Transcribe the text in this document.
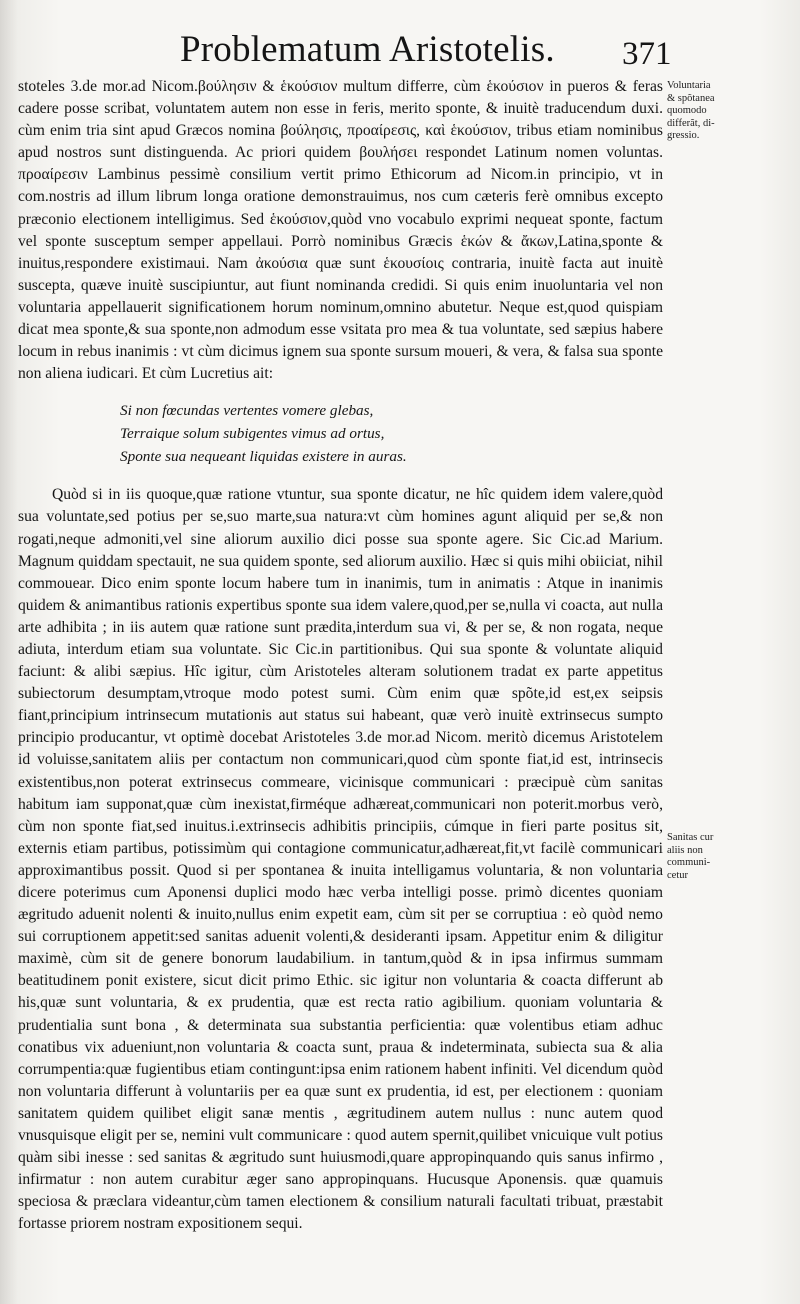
Problematum Aristotelis. 371

stoteles 3.de mor.ad Nicom.βούλησιν & ἑκούσιον multum differre, cùm ἑκούσιον in pueros & feras cadere posse scribat, voluntatem autem non esse in feris, merito sponte, & inuitè traducendum duxi. cùm enim tria sint apud Græcos nomina βούλησις, προαίρεσις, καὶ ἑκούσιον, tribus etiam nominibus apud nostros sunt distinguenda. Ac priori quidem βουλήσει respondet Latinum nomen voluntas. προαίρεσιν Lambinus pessimè consilium vertit primo Ethicorum ad Nicom.in principio, vt in com.nostris ad illum librum longa oratione demonstrauimus, nos cum cæteris ferè omnibus excepto præconio electionem intelligimus. Sed ἑκούσιον,quòd vno vocabulo exprimi nequeat sponte, factum vel sponte susceptum semper appellaui. Porrò nominibus Græcis ἑκών & ἄκων,Latina,sponte & inuitus,respondere existimaui. Nam ἀκούσια quæ sunt ἑκουσίοις contraria, inuitè facta aut inuitè suscepta, quæve inuitè suscipiuntur, aut fiunt nominanda credidi. Si quis enim inuoluntaria vel non voluntaria appellauerit significationem horum nominum,omnino abutetur. Neque est,quod quispiam dicat mea sponte,& sua sponte,non admodum esse vsitata pro mea & tua voluntate, sed sæpius habere locum in rebus inanimis : vt cùm dicimus ignem sua sponte sursum moueri, & vera, & falsa sua sponte non aliena iudicari. Et cùm Lucretius ait:

Si non fœcundas vertentes vomere glebas,
Terraique solum subigentes vimus ad ortus,
Sponte sua nequeant liquidas existere in auras.

Quòd si in iis quoque,quæ ratione vtuntur, sua sponte dicatur, ne hîc quidem idem valere,quòd sua voluntate,sed potius per se,suo marte,sua natura:vt cùm homines agunt aliquid per se,& non rogati,neque admoniti,vel sine aliorum auxilio dici posse sua sponte agere. Sic Cic.ad Marium. Magnum quiddam spectauit, ne sua quidem sponte, sed aliorum auxilio. Hæc si quis mihi obiiciat, nihil commouear. Dico enim sponte locum habere tum in inanimis, tum in animatis : Atque in inanimis quidem & animantibus rationis expertibus sponte sua idem valere,quod,per se,nulla vi coacta, aut nulla arte adhibita ; in iis autem quæ ratione sunt prædita,interdum sua vi, & per se, & non rogata, neque adiuta, interdum etiam sua voluntate. Sic Cic.in partitionibus. Qui sua sponte & voluntate aliquid faciunt: & alibi sæpius. Hîc igitur, cùm Aristoteles alteram solutionem tradat ex parte appetitus subiectorum desumptam,vtroque modo potest sumi. Cùm enim quæ spõte,id est,ex seipsis fiant,principium intrinsecum mutationis aut status sui habeant, quæ verò inuitè extrinsecus sumpto principio producantur, vt optimè docebat Aristoteles 3.de mor.ad Nicom. meritò dicemus Aristotelem id voluisse,sanitatem aliis per contactum non communicari,quod cùm sponte fiat,id est, intrinsecis existentibus,non poterat extrinsecus commeare, vicinisque communicari : præcipuè cùm sanitas habitum iam supponat,quæ cùm inexistat,firméque adhæreat,communicari non poterit.morbus verò, cùm non sponte fiat,sed inuitus.i.extrinsecis adhibitis principiis, cúmque in fieri parte positus sit, externis etiam partibus, potissimùm qui contagione communicatur,adhæreat,fit,vt facilè communicari approximantibus possit. Quod si per spontanea & inuita intelligamus voluntaria, & non voluntaria dicere poterimus cum Aponensi duplici modo hæc verba intelligi posse. primò dicentes quoniam ægritudo aduenit nolenti & inuito,nullus enim expetit eam, cùm sit per se corruptiua : eò quòd nemo sui corruptionem appetit:sed sanitas aduenit volenti,& desideranti ipsam. Appetitur enim & diligitur maximè, cùm sit de genere bonorum laudabilium. in tantum,quòd & in ipsa infirmus summam beatitudinem ponit existere, sicut dicit primo Ethic. sic igitur non voluntaria & coacta differunt ab his,quæ sunt voluntaria, & ex prudentia, quæ est recta ratio agibilium. quoniam voluntaria & prudentialia sunt bona , & determinata sua substantia perficientia: quæ volentibus etiam adhuc conatibus vix adueniunt,non voluntaria & coacta sunt, praua & indeterminata, subiecta sua & alia corrumpentia:quæ fugientibus etiam contingunt:ipsa enim rationem habent infiniti. Vel dicendum quòd non voluntaria differunt à voluntariis per ea quæ sunt ex prudentia, id est, per electionem : quoniam sanitatem quidem quilibet eligit sanæ mentis , ægritudinem autem nullus : nunc autem quod vnusquisque eligit per se, nemini vult communicare : quod autem spernit,quilibet vnicuique vult potius quàm sibi inesse : sed sanitas & ægritudo sunt huiusmodi,quare appropinquando quis sanus infirmo , infirmatur : non autem curabitur æger sano appropinquans. Hucusque Aponensis. quæ quamuis speciosa & præclara videantur,cùm tamen electionem & consilium naturali facultati tribuat, præstabit fortasse priorem nostram expositionem sequi.

Voluntaria
& spõtanea
quomodo
differãt, di-
gressio.
Sanitas cur
aliis non
communi-
cetur
